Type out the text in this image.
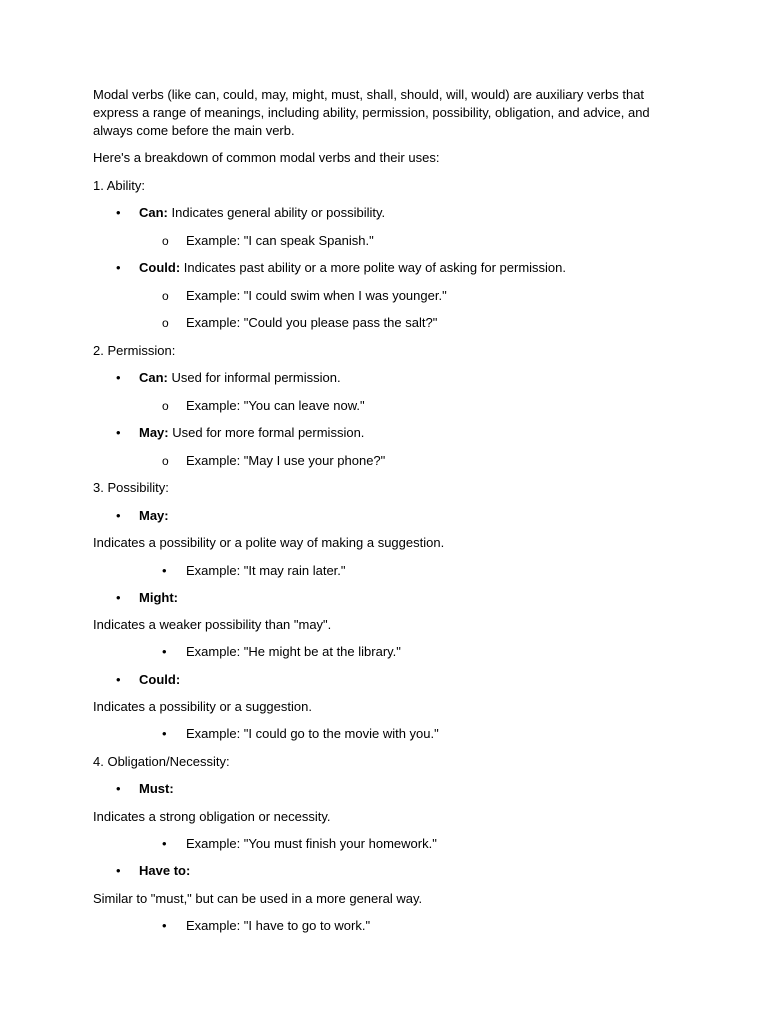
Modal verbs (like can, could, may, might, must, shall, should, will, would) are auxiliary verbs that express a range of meanings, including ability, permission, possibility, obligation, and advice, and always come before the main verb.
Here's a breakdown of common modal verbs and their uses:
1. Ability:
• Can: Indicates general ability or possibility.
o Example: "I can speak Spanish."
• Could: Indicates past ability or a more polite way of asking for permission.
o Example: "I could swim when I was younger."
o Example: "Could you please pass the salt?"
2. Permission:
• Can: Used for informal permission.
o Example: "You can leave now."
• May: Used for more formal permission.
o Example: "May I use your phone?"
3. Possibility:
• May:
Indicates a possibility or a polite way of making a suggestion.
• Example: "It may rain later."
• Might:
Indicates a weaker possibility than "may".
• Example: "He might be at the library."
• Could:
Indicates a possibility or a suggestion.
• Example: "I could go to the movie with you."
4. Obligation/Necessity:
• Must:
Indicates a strong obligation or necessity.
• Example: "You must finish your homework."
• Have to:
Similar to "must," but can be used in a more general way.
• Example: "I have to go to work."
